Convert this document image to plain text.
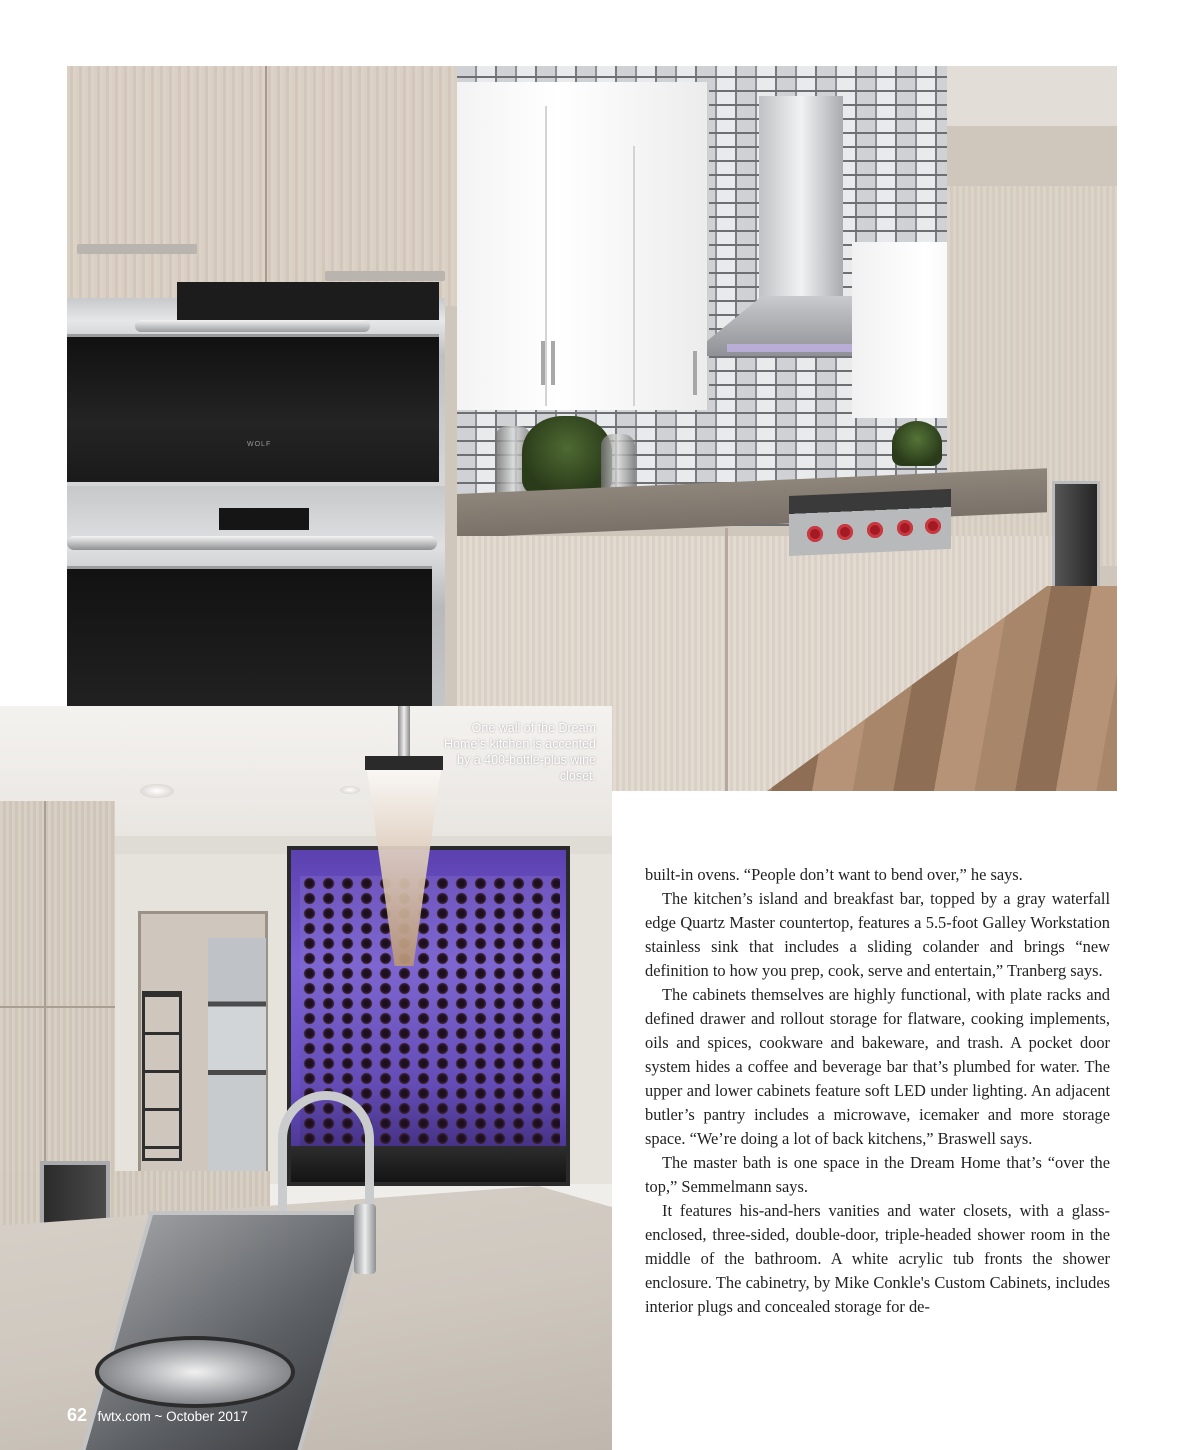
WOLF
One wall of the Dream Home’s kitchen is accented by a 400-bottle-plus wine closet.

built-in ovens. “People don’t want to bend over,” he says.

The kitchen’s island and breakfast bar, topped by a gray waterfall edge Quartz Master countertop, features a 5.5-foot Galley Workstation stainless sink that includes a sliding colander and brings “new definition to how you prep, cook, serve and entertain,” Tranberg says.

The cabinets themselves are highly functional, with plate racks and defined drawer and rollout storage for flatware, cooking implements, oils and spices, cookware and bakeware, and trash. A pocket door system hides a coffee and beverage bar that’s plumbed for water. The upper and lower cabinets feature soft LED under lighting. An adjacent butler’s pantry includes a microwave, icemaker and more storage space. “We’re doing a lot of back kitchens,” Braswell says.

The master bath is one space in the Dream Home that’s “over the top,” Semmelmann says.

It features his-and-hers vanities and water closets, with a glass-enclosed, three-sided, double-door, triple-headed shower room in the middle of the bathroom. A white acrylic tub fronts the shower enclosure. The cabinetry, by Mike Conkle's Custom Cabinets, includes interior plugs and concealed storage for de-

62 fwtx.com ~ October 2017
